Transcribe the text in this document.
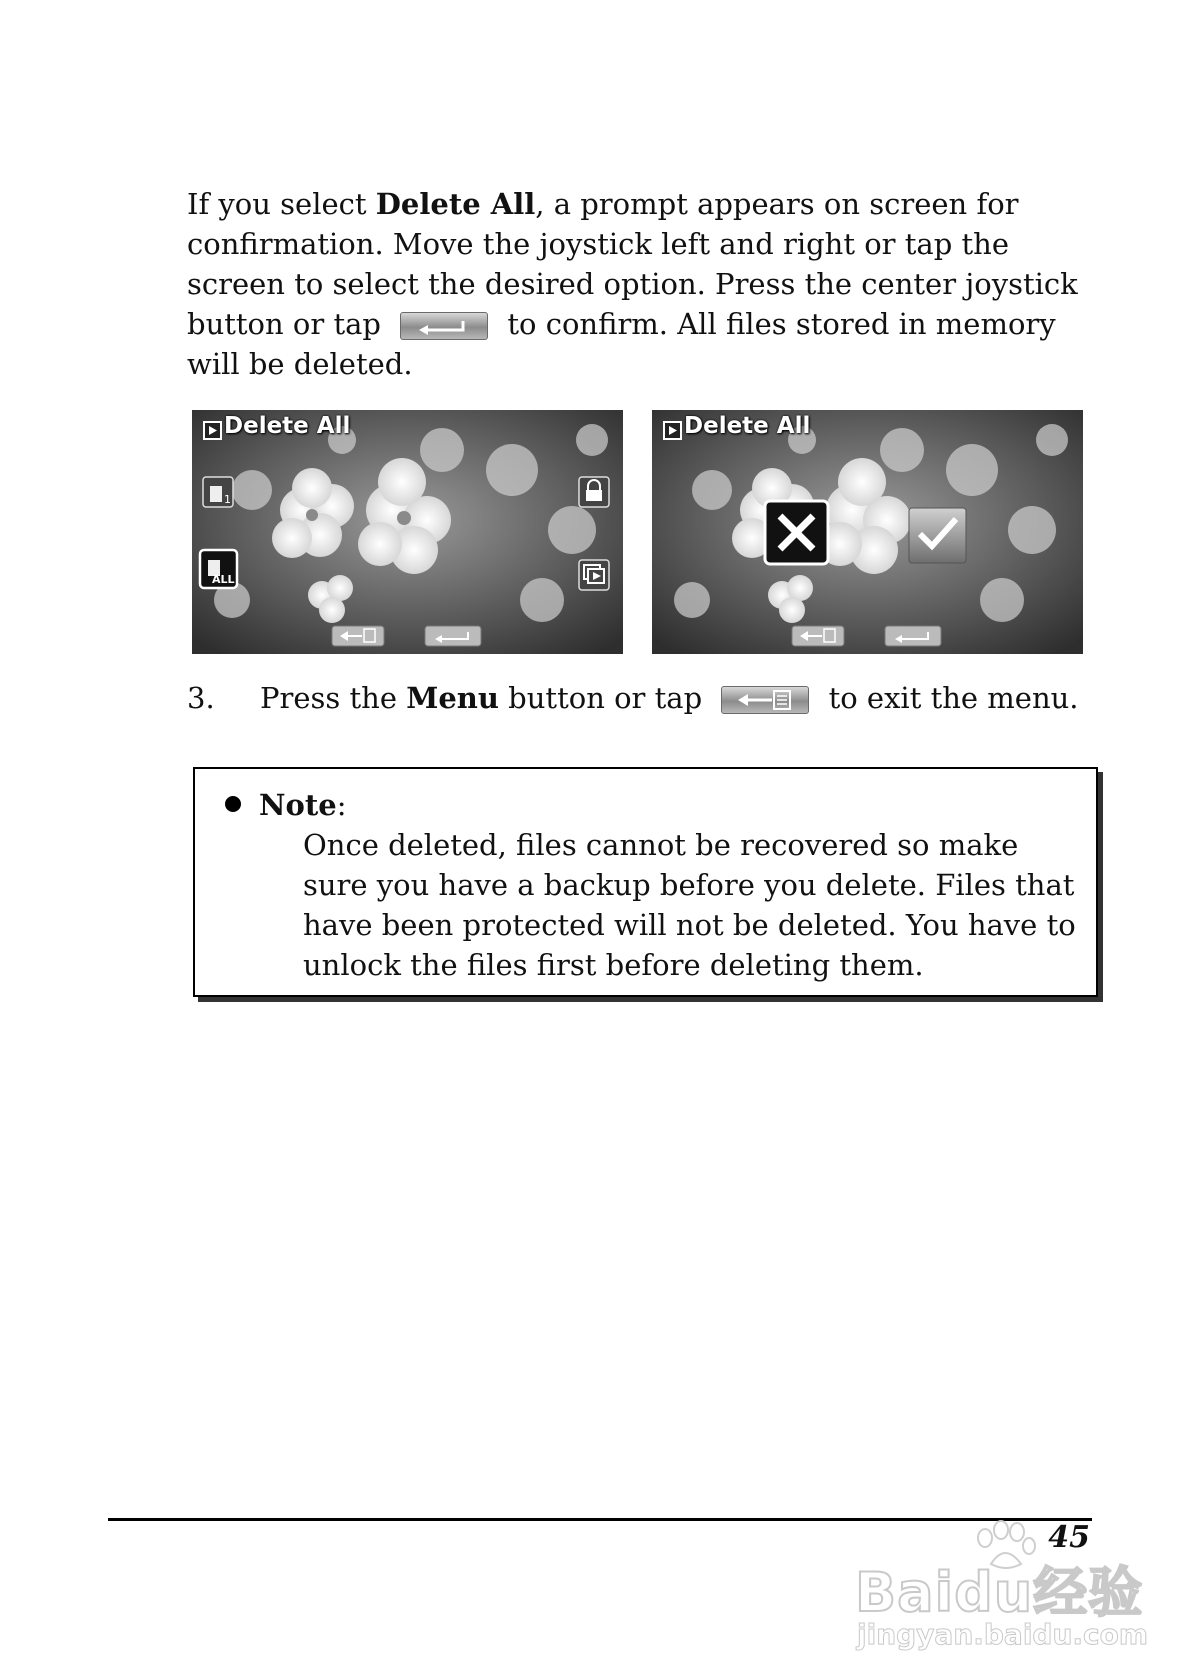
If you select Delete All, a prompt appears on screen for confirmation. Move the joystick left and right or tap the screen to select the desired option. Press the center joystick button or tap	to confirm. All files stored in memory will be deleted.

1
ALL
Delete All	Delete All
3. Press the Menu button or tap	to exit the menu.
Note:
Once deleted, files cannot be recovered so make sure you have a backup before you delete. Files that have been protected will not be deleted. You have to unlock the files first before deleting them.
Baidu经验
jingyan.baidu.com
45
